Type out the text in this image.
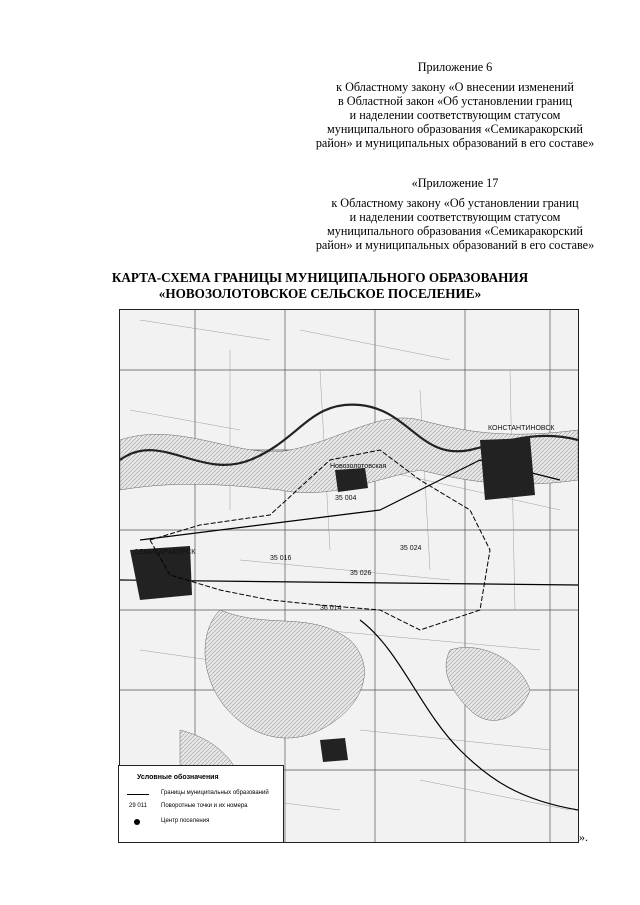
Приложение 6
к Областному закону «О внесении изменений
в Областной закон «Об установлении границ
и наделении соответствующим статусом
муниципального образования «Семикаракорский
район» и муниципальных образований в его составе»
«Приложение 17
к Областному закону «Об установлении границ
и наделении соответствующим статусом
муниципального образования «Семикаракорский
район» и муниципальных образований в его составе»
КАРТА-СХЕМА ГРАНИЦЫ МУНИЦИПАЛЬНОГО ОБРАЗОВАНИЯ
«НОВОЗОЛОТОВСКОЕ СЕЛЬСКОЕ ПОСЕЛЕНИЕ»
Новозолотовская
СЕМИКАРАКОРСК
КОНСТАНТИНОВСК
35 004
35 016
35 026
35 024
36 014
Условные обозначения
Границы муниципальных образований
29 011	Поворотные точки и их номера
Центр поселения
».
